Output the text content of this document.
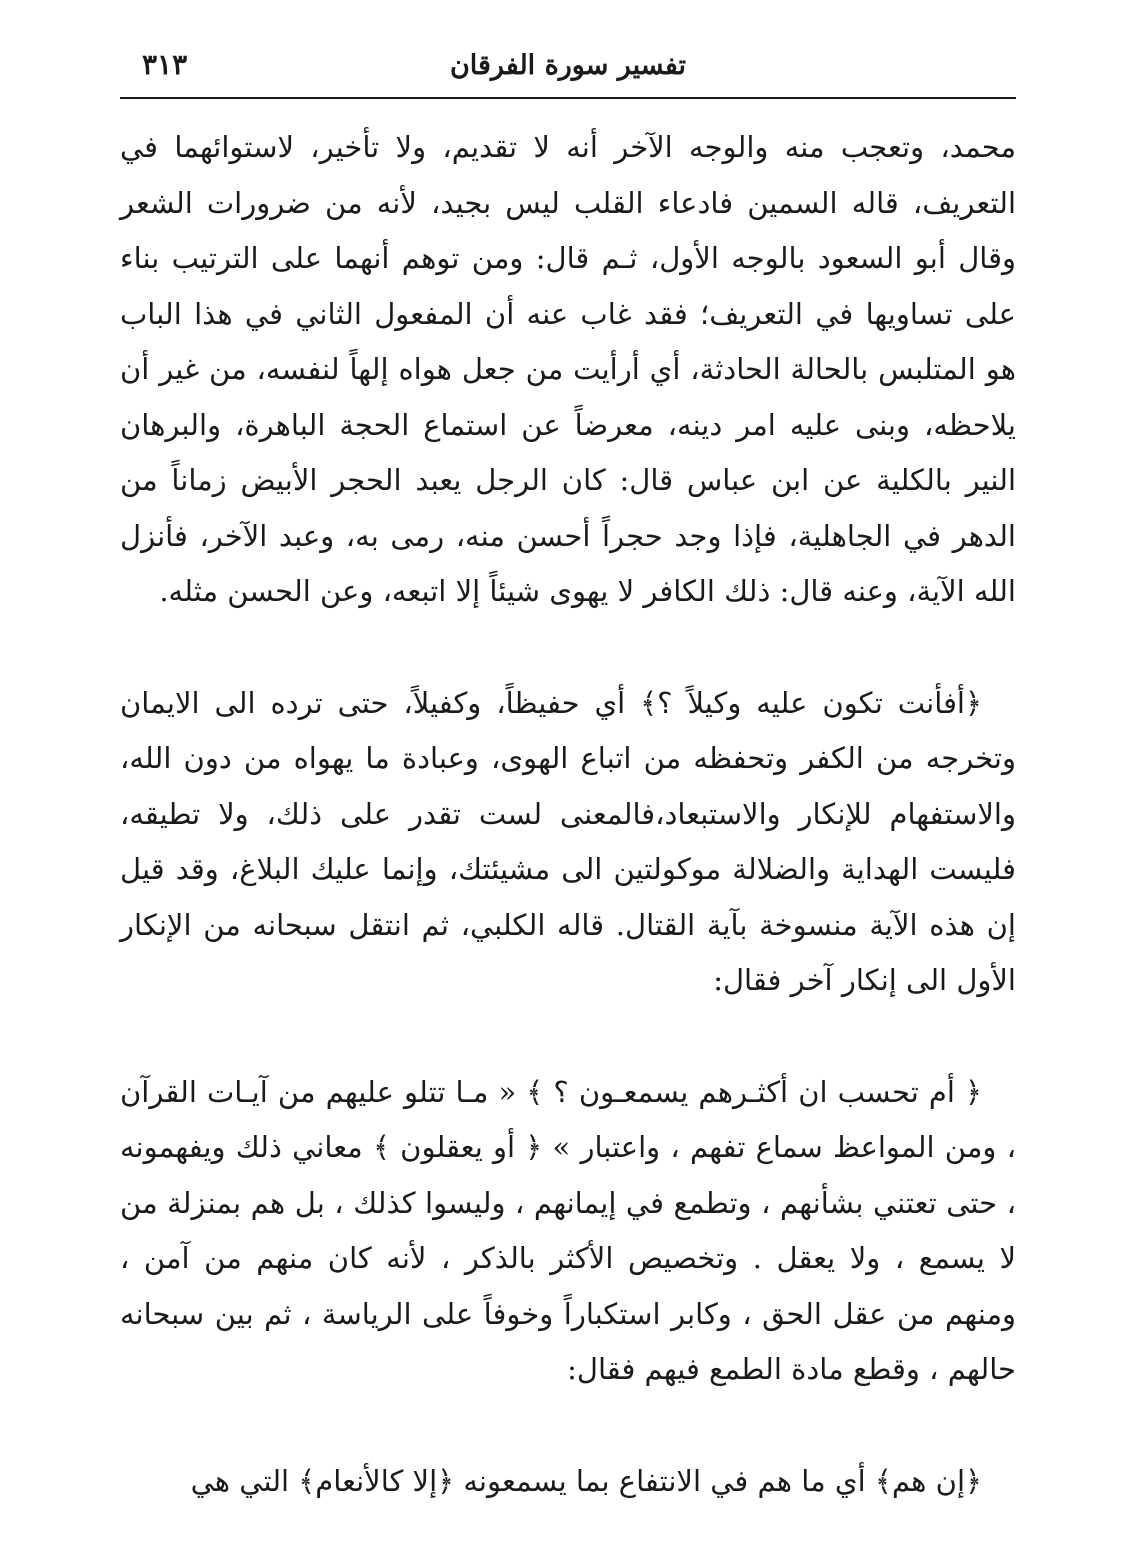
تفسير سورة الفرقان
٣١٣

محمد، وتعجب منه والوجه الآخر أنه لا تقديم، ولا تأخير، لاستوائهما في التعريف، قاله السمين فادعاء القلب ليس بجيد، لأنه من ضرورات الشعر وقال أبو السعود بالوجه الأول، ثـم قال: ومن توهم أنهما على الترتيب بناء على تساويها في التعريف؛ فقد غاب عنه أن المفعول الثاني في هذا الباب هو المتلبس بالحالة الحادثة، أي أرأيت من جعل هواه إلهاً لنفسه، من غير أن يلاحظه، وبنى عليه امر دينه، معرضاً عن استماع الحجة الباهرة، والبرهان النير بالكلية عن ابن عباس قال: كان الرجل يعبد الحجر الأبيض زماناً من الدهر في الجاهلية، فإذا وجد حجراً أحسن منه، رمى به، وعبد الآخر، فأنزل الله الآية، وعنه قال: ذلك الكافر لا يهوى شيئاً إلا اتبعه، وعن الحسن مثله.

﴿أفأنت تكون عليه وكيلاً ؟﴾ أي حفيظاً، وكفيلاً، حتى ترده الى الايمان وتخرجه من الكفر وتحفظه من اتباع الهوى، وعبادة ما يهواه من دون الله، والاستفهام للإنكار والاستبعاد،فالمعنى لست تقدر على ذلك، ولا تطيقه، فليست الهداية والضلالة موكولتين الى مشيئتك، وإنما عليك البلاغ، وقد قيل إن هذه الآية منسوخة بآية القتال. قاله الكلبي، ثم انتقل سبحانه من الإنكار الأول الى إنكار آخر فقال:

﴿ أم تحسب ان أكثـرهم يسمعـون ؟ ﴾ « مـا تتلو عليهم من آيـات القرآن ، ومن المواعظ سماع تفهم ، واعتبار » ﴿ أو يعقلون ﴾ معاني ذلك ويفهمونه ، حتى تعتني بشأنهم ، وتطمع في إيمانهم ، وليسوا كذلك ، بل هم بمنزلة من لا يسمع ، ولا يعقل . وتخصيص الأكثر بالذكر ، لأنه كان منهم من آمن ، ومنهم من عقل الحق ، وكابر استكباراً وخوفاً على الرياسة ، ثم بين سبحانه حالهم ، وقطع مادة الطمع فيهم فقال:

﴿إن هم﴾ أي ما هم في الانتفاع بما يسمعونه ﴿إلا كالأنعام﴾ التي هي
